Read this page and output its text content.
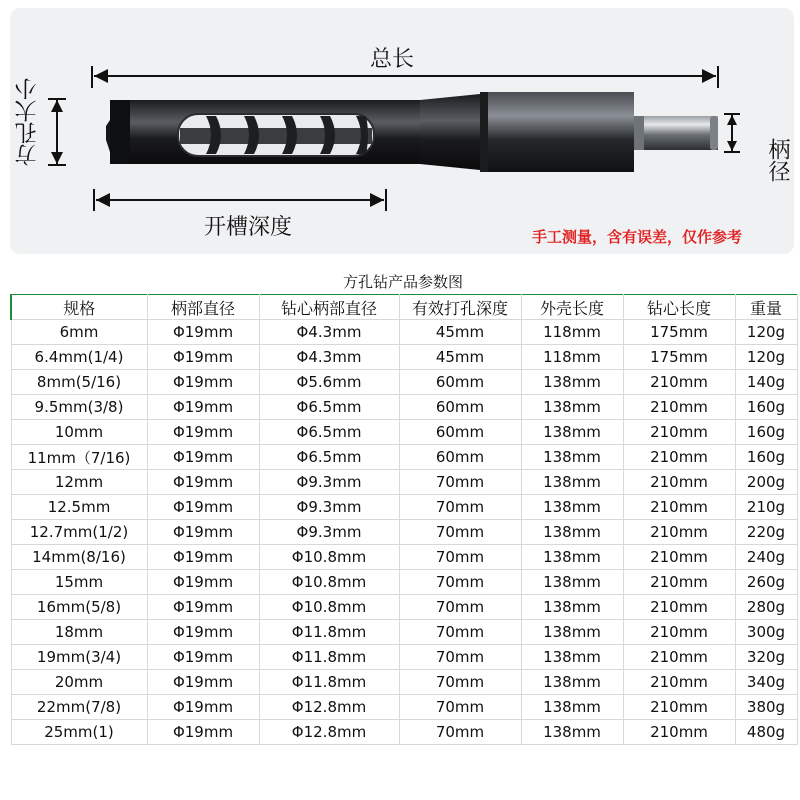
总长
开槽深度
方孔大小	柄径
手工测量，含有误差，仅作参考
方孔钻产品参数图
规格	柄部直径	钻心柄部直径	有效打孔深度	外壳长度	钻心长度	重量
6mm	Φ19mm	Φ4.3mm	45mm	118mm	175mm	120g
6.4mm(1/4)	Φ19mm	Φ4.3mm	45mm	118mm	175mm	120g
8mm(5/16)	Φ19mm	Φ5.6mm	60mm	138mm	210mm	140g
9.5mm(3/8)	Φ19mm	Φ6.5mm	60mm	138mm	210mm	160g
10mm	Φ19mm	Φ6.5mm	60mm	138mm	210mm	160g
11mm（7/16)	Φ19mm	Φ6.5mm	60mm	138mm	210mm	160g
12mm	Φ19mm	Φ9.3mm	70mm	138mm	210mm	200g
12.5mm	Φ19mm	Φ9.3mm	70mm	138mm	210mm	210g
12.7mm(1/2)	Φ19mm	Φ9.3mm	70mm	138mm	210mm	220g
14mm(8/16)	Φ19mm	Φ10.8mm	70mm	138mm	210mm	240g
15mm	Φ19mm	Φ10.8mm	70mm	138mm	210mm	260g
16mm(5/8)	Φ19mm	Φ10.8mm	70mm	138mm	210mm	280g
18mm	Φ19mm	Φ11.8mm	70mm	138mm	210mm	300g
19mm(3/4)	Φ19mm	Φ11.8mm	70mm	138mm	210mm	320g
20mm	Φ19mm	Φ11.8mm	70mm	138mm	210mm	340g
22mm(7/8)	Φ19mm	Φ12.8mm	70mm	138mm	210mm	380g
25mm(1)	Φ19mm	Φ12.8mm	70mm	138mm	210mm	480g
